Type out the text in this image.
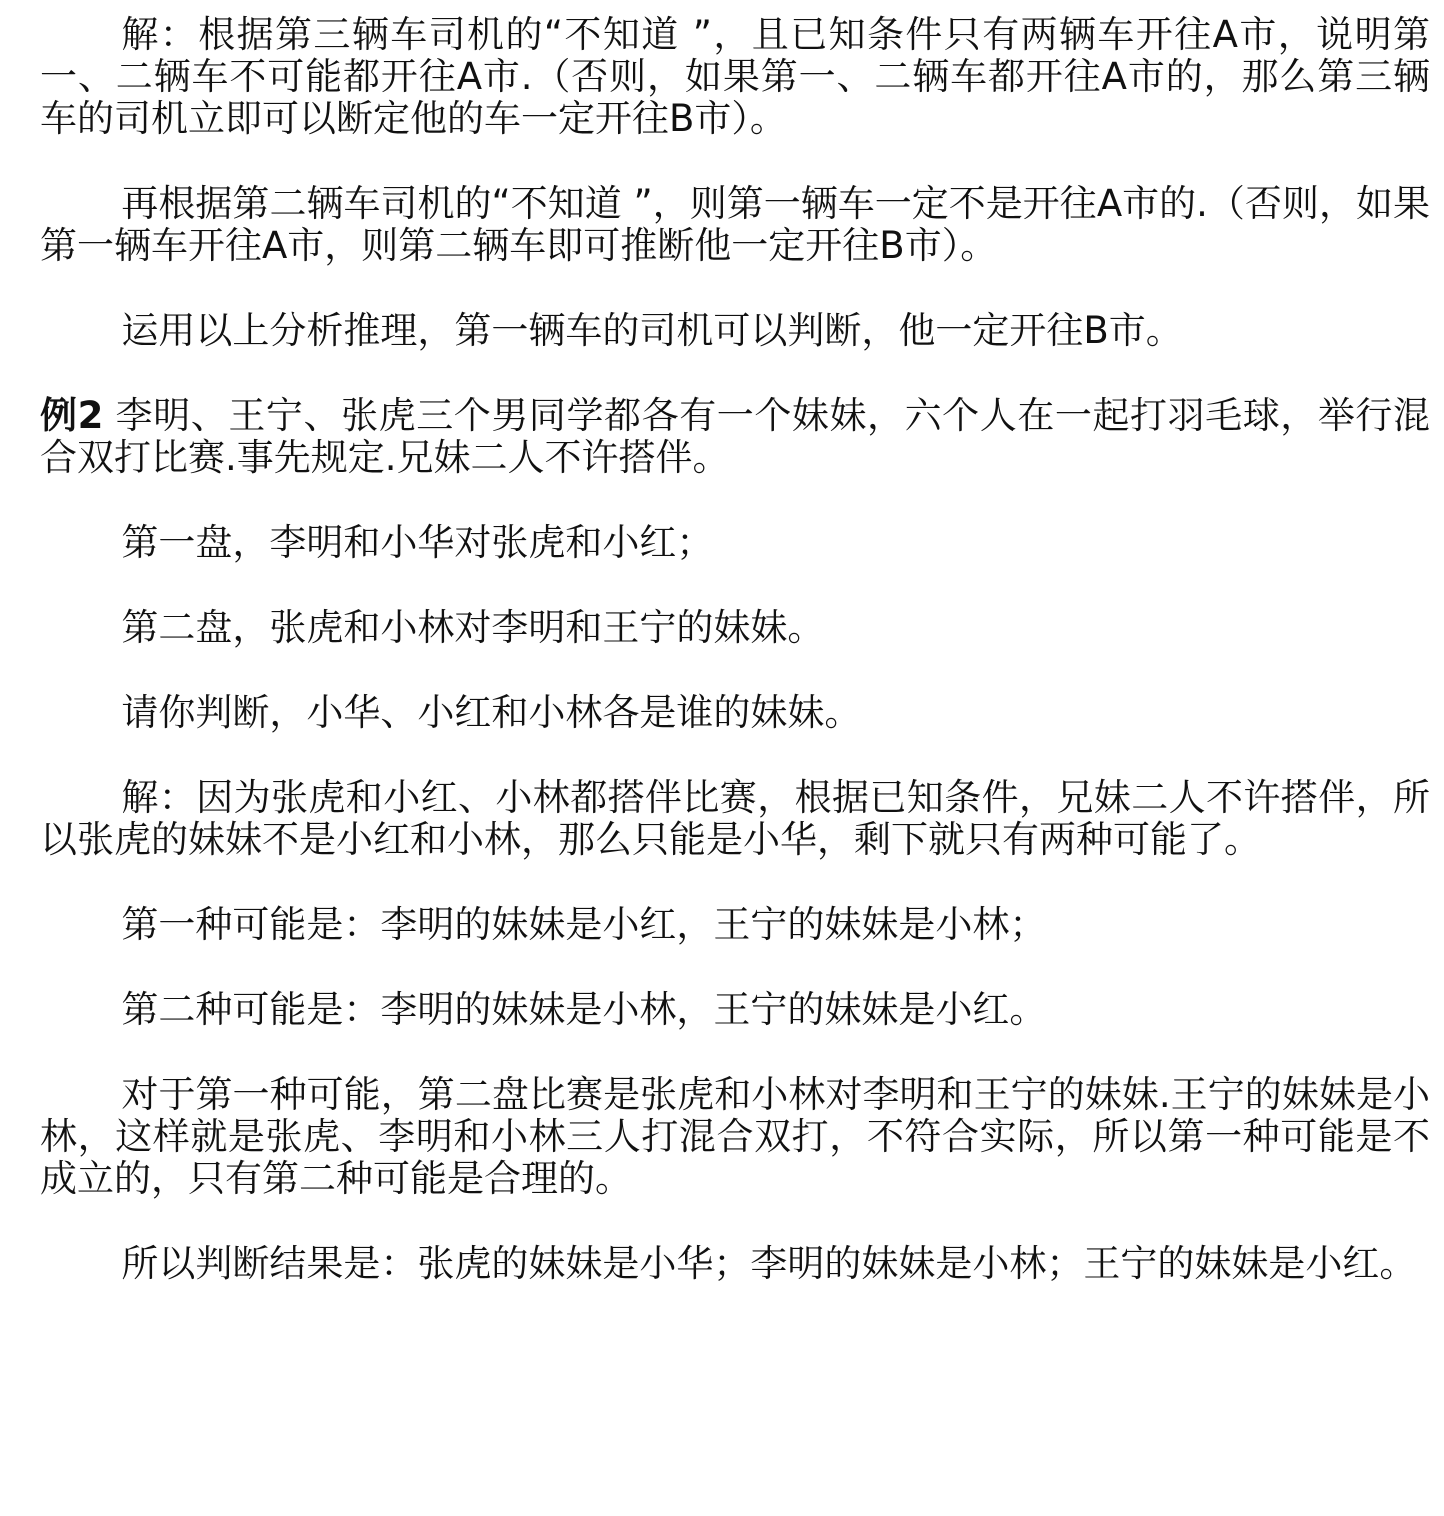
解：根据第三辆车司机的“不知道 ”，且已知条件只有两辆车开往A市，说明第一、二辆车不可能都开往A市.（否则，如果第一、二辆车都开往A市的，那么第三辆车的司机立即可以断定他的车一定开往B市）。

再根据第二辆车司机的“不知道 ”，则第一辆车一定不是开往A市的.（否则，如果第一辆车开往A市，则第二辆车即可推断他一定开往B市）。

运用以上分析推理，第一辆车的司机可以判断，他一定开往B市。

例2 李明、王宁、张虎三个男同学都各有一个妹妹，六个人在一起打羽毛球，举行混合双打比赛.事先规定.兄妹二人不许搭伴。

第一盘，李明和小华对张虎和小红；

第二盘，张虎和小林对李明和王宁的妹妹。

请你判断，小华、小红和小林各是谁的妹妹。

解：因为张虎和小红、小林都搭伴比赛，根据已知条件，兄妹二人不许搭伴，所以张虎的妹妹不是小红和小林，那么只能是小华，剩下就只有两种可能了。

第一种可能是：李明的妹妹是小红，王宁的妹妹是小林；

第二种可能是：李明的妹妹是小林，王宁的妹妹是小红。

对于第一种可能，第二盘比赛是张虎和小林对李明和王宁的妹妹.王宁的妹妹是小林，这样就是张虎、李明和小林三人打混合双打，不符合实际，所以第一种可能是不成立的，只有第二种可能是合理的。

所以判断结果是：张虎的妹妹是小华；李明的妹妹是小林；王宁的妹妹是小红。
